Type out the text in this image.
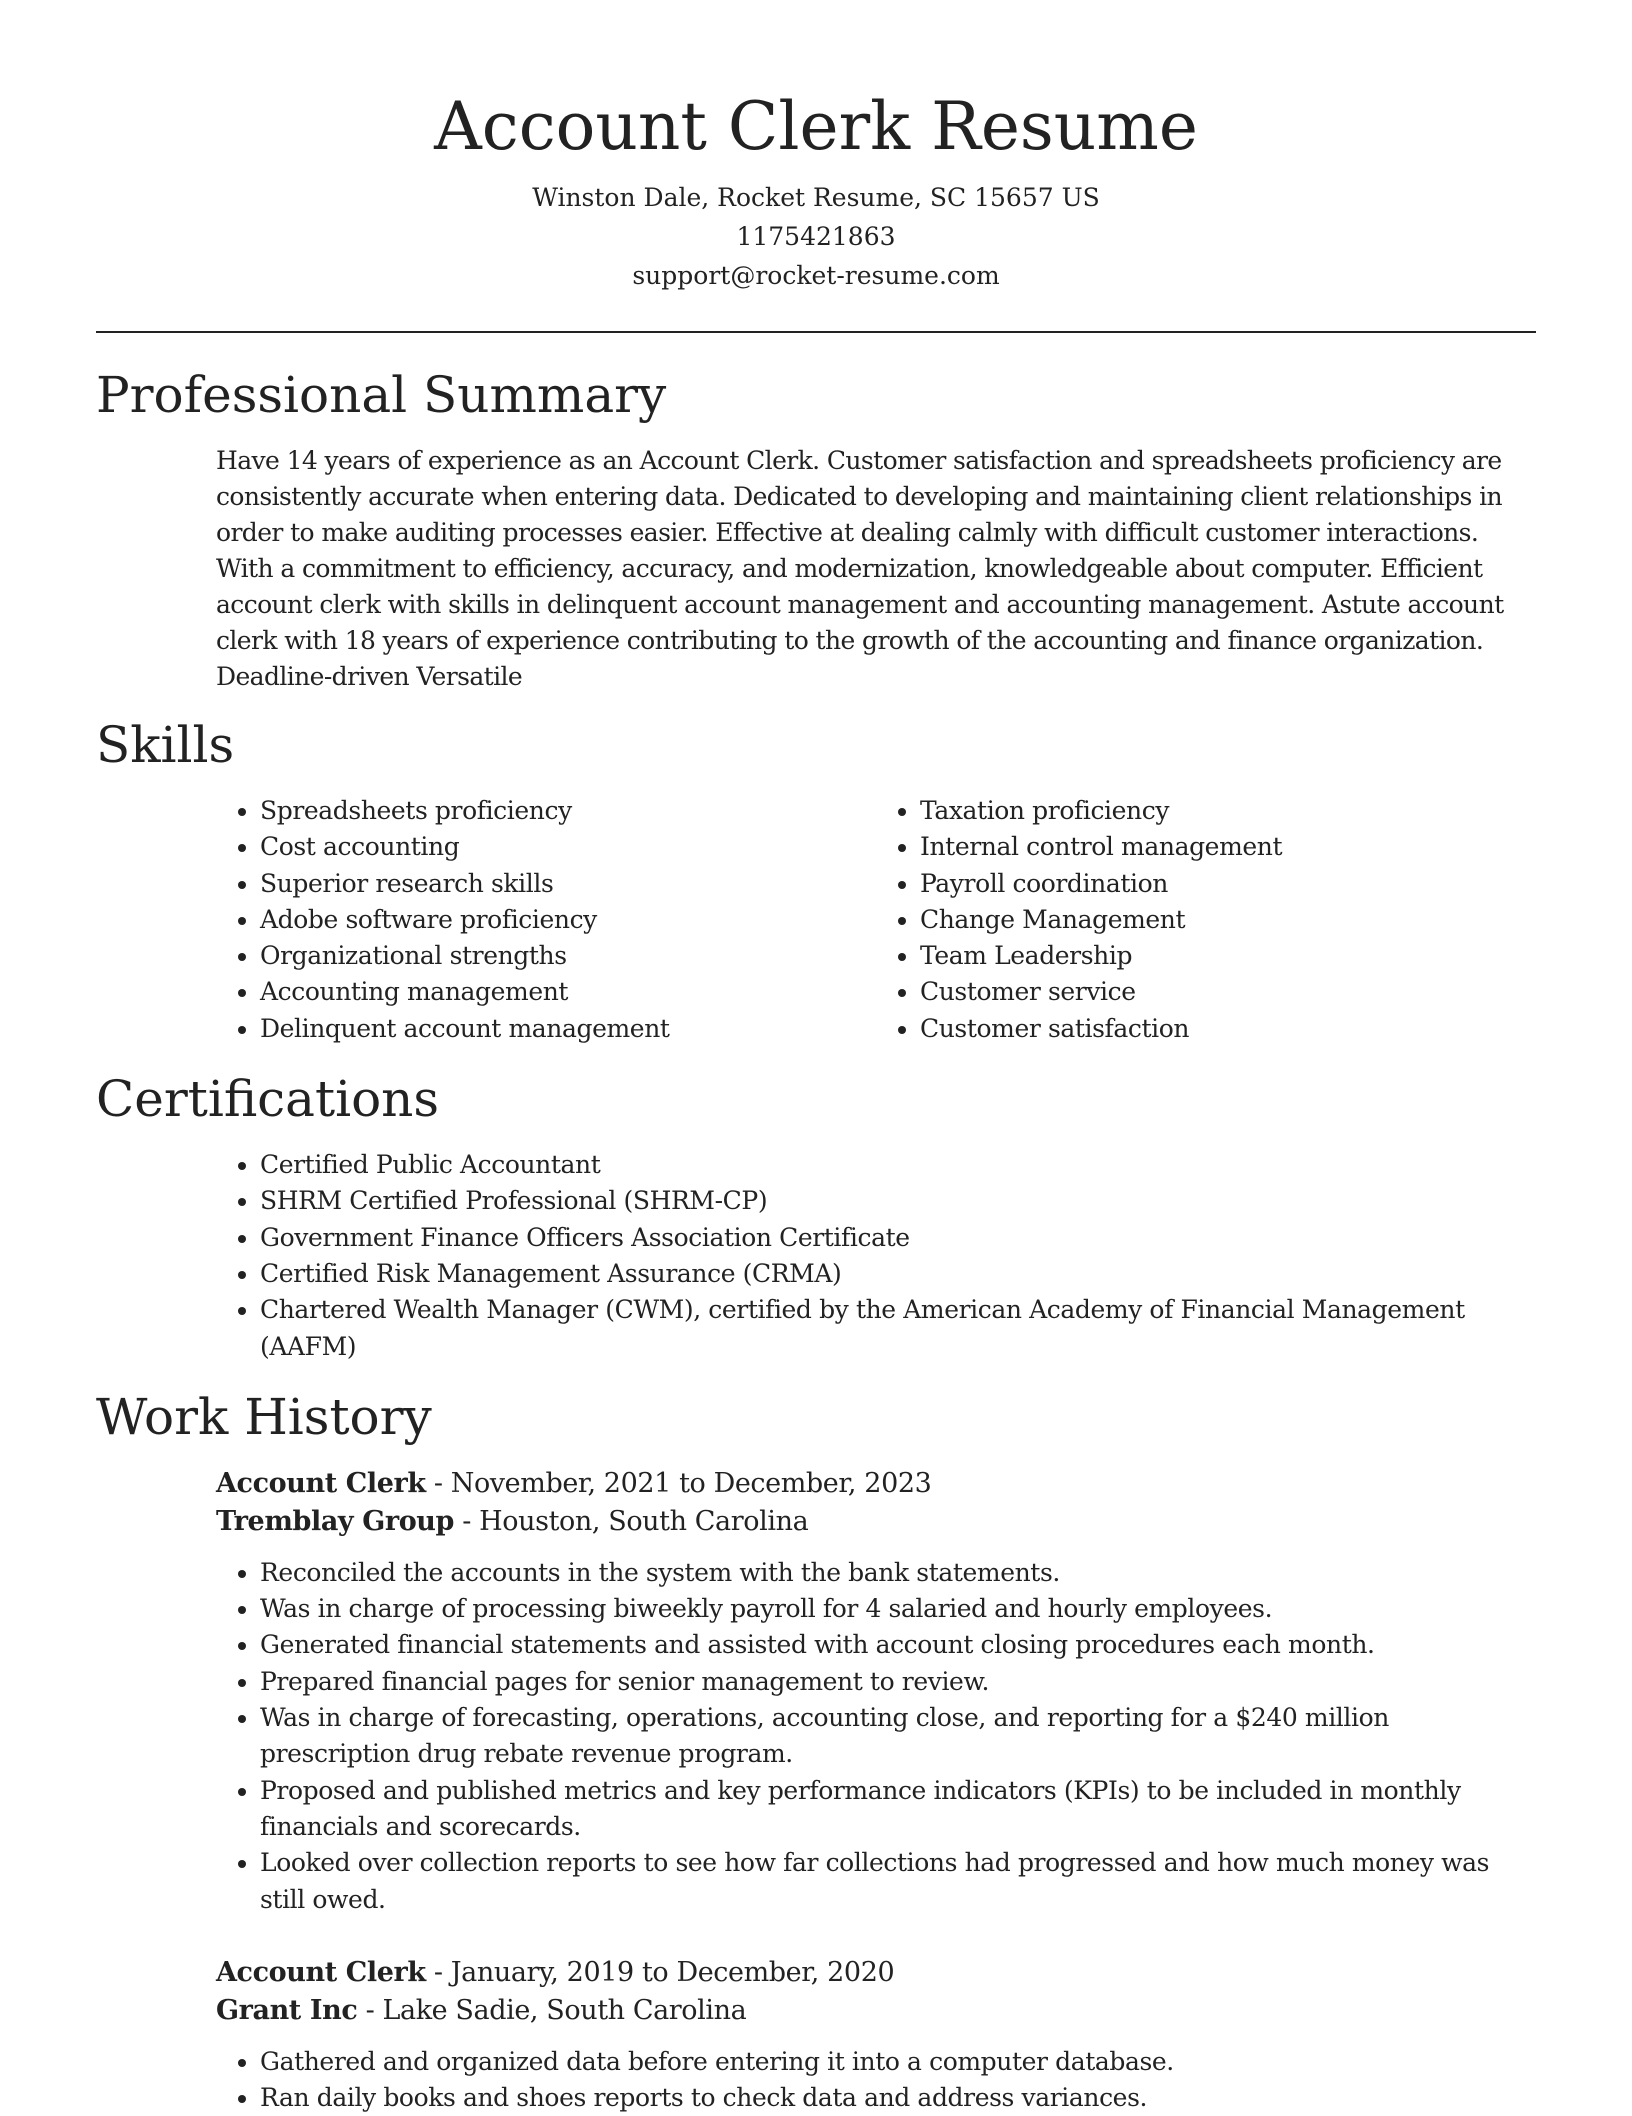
Account Clerk Resume
Winston Dale, Rocket Resume, SC 15657 US
1175421863
support@rocket-resume.com
Professional Summary

Have 14 years of experience as an Account Clerk. Customer satisfaction and spreadsheets proficiency are consistently accurate when entering data. Dedicated to developing and maintaining client relationships in order to make auditing processes easier. Effective at dealing calmly with difficult customer interactions. With a commitment to efficiency, accuracy, and modernization, knowledgeable about computer. Efficient account clerk with skills in delinquent account management and accounting management. Astute account clerk with 18 years of experience contributing to the growth of the accounting and finance organization. Deadline-driven Versatile

Skills
• Spreadsheets proficiency
• Cost accounting
• Superior research skills
• Adobe software proficiency
• Organizational strengths
• Accounting management
• Delinquent account management
• Taxation proficiency
• Internal control management
• Payroll coordination
• Change Management
• Team Leadership
• Customer service
• Customer satisfaction
Certifications
• Certified Public Accountant
• SHRM Certified Professional (SHRM-CP)
• Government Finance Officers Association Certificate
• Certified Risk Management Assurance (CRMA)
• Chartered Wealth Manager (CWM), certified by the American Academy of Financial Management (AAFM)
Work History
Account Clerk - November, 2021 to December, 2023
Tremblay Group - Houston, South Carolina
• Reconciled the accounts in the system with the bank statements.
• Was in charge of processing biweekly payroll for 4 salaried and hourly employees.
• Generated financial statements and assisted with account closing procedures each month.
• Prepared financial pages for senior management to review.
• Was in charge of forecasting, operations, accounting close, and reporting for a $240 million prescription drug rebate revenue program.
• Proposed and published metrics and key performance indicators (KPIs) to be included in monthly financials and scorecards.
• Looked over collection reports to see how far collections had progressed and how much money was still owed.
Account Clerk - January, 2019 to December, 2020
Grant Inc - Lake Sadie, South Carolina
• Gathered and organized data before entering it into a computer database.
• Ran daily books and shoes reports to check data and address variances.
